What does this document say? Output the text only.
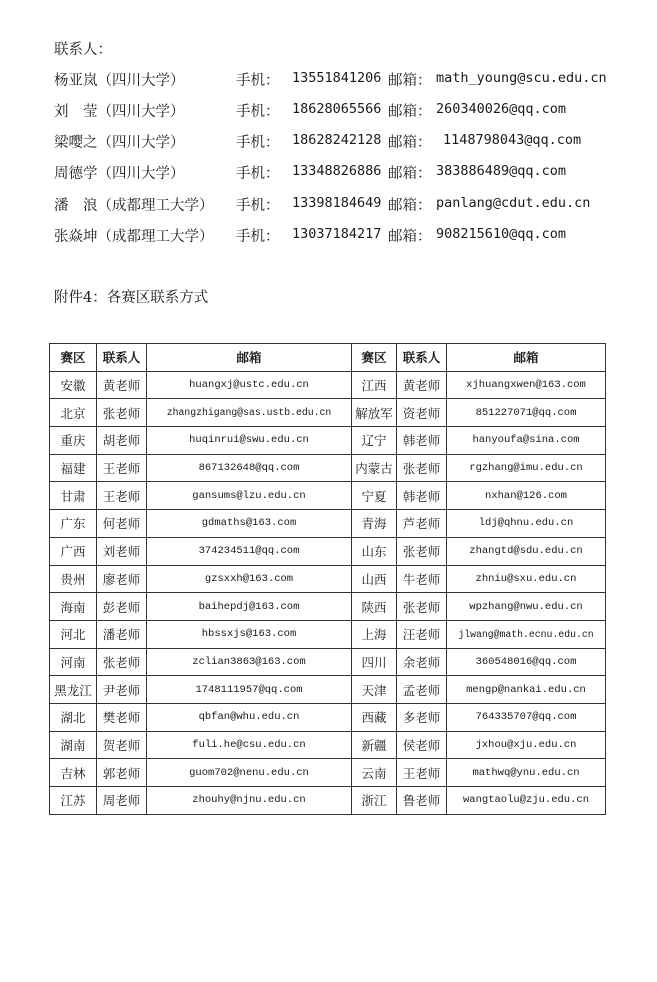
联系人：
杨亚岚（四川大学）	手机： 13551841206 邮箱： math_young@scu.edu.cn
刘　莹（四川大学）	手机： 18628065566 邮箱： 260340026@qq.com
梁嘤之（四川大学）	手机： 18628242128 邮箱： 1148798043@qq.com
周德学（四川大学）	手机： 13348826886 邮箱： 383886489@qq.com
潘　浪（成都理工大学） 手机： 13398184649 邮箱： panlang@cdut.edu.cn
张焱坤（成都理工大学） 手机： 13037184217 邮箱： 908215610@qq.com
附件4：各赛区联系方式
赛区	联系人	邮箱	赛区	联系人	邮箱
安徽	黄老师	huangxj@ustc.edu.cn	江西	黄老师	xjhuangxwen@163.com
北京	张老师	zhangzhigang@sas.ustb.edu.cn	解放军	资老师	851227071@qq.com
重庆	胡老师	huqinrui@swu.edu.cn	辽宁	韩老师	hanyoufa@sina.com
福建	王老师	867132648@qq.com	内蒙古	张老师	rgzhang@imu.edu.cn
甘肃	王老师	gansums@lzu.edu.cn	宁夏	韩老师	nxhan@126.com
广东	何老师	gdmaths@163.com	青海	芦老师	ldj@qhnu.edu.cn
广西	刘老师	374234511@qq.com	山东	张老师	zhangtd@sdu.edu.cn
贵州	廖老师	gzsxxh@163.com	山西	牛老师	zhniu@sxu.edu.cn
海南	彭老师	baihepdj@163.com	陕西	张老师	wpzhang@nwu.edu.cn
河北	潘老师	hbssxjs@163.com	上海	汪老师	jlwang@math.ecnu.edu.cn
河南	张老师	zclian3863@163.com	四川	余老师	360548016@qq.com
黑龙江	尹老师	1748111957@qq.com	天津	孟老师	mengp@nankai.edu.cn
湖北	樊老师	qbfan@whu.edu.cn	西藏	多老师	764335707@qq.com
湖南	贺老师	fuli.he@csu.edu.cn	新疆	侯老师	jxhou@xju.edu.cn
吉林	郭老师	guom702@nenu.edu.cn	云南	王老师	mathwq@ynu.edu.cn
江苏	周老师	zhouhy@njnu.edu.cn	浙江	鲁老师	wangtaolu@zju.edu.cn
